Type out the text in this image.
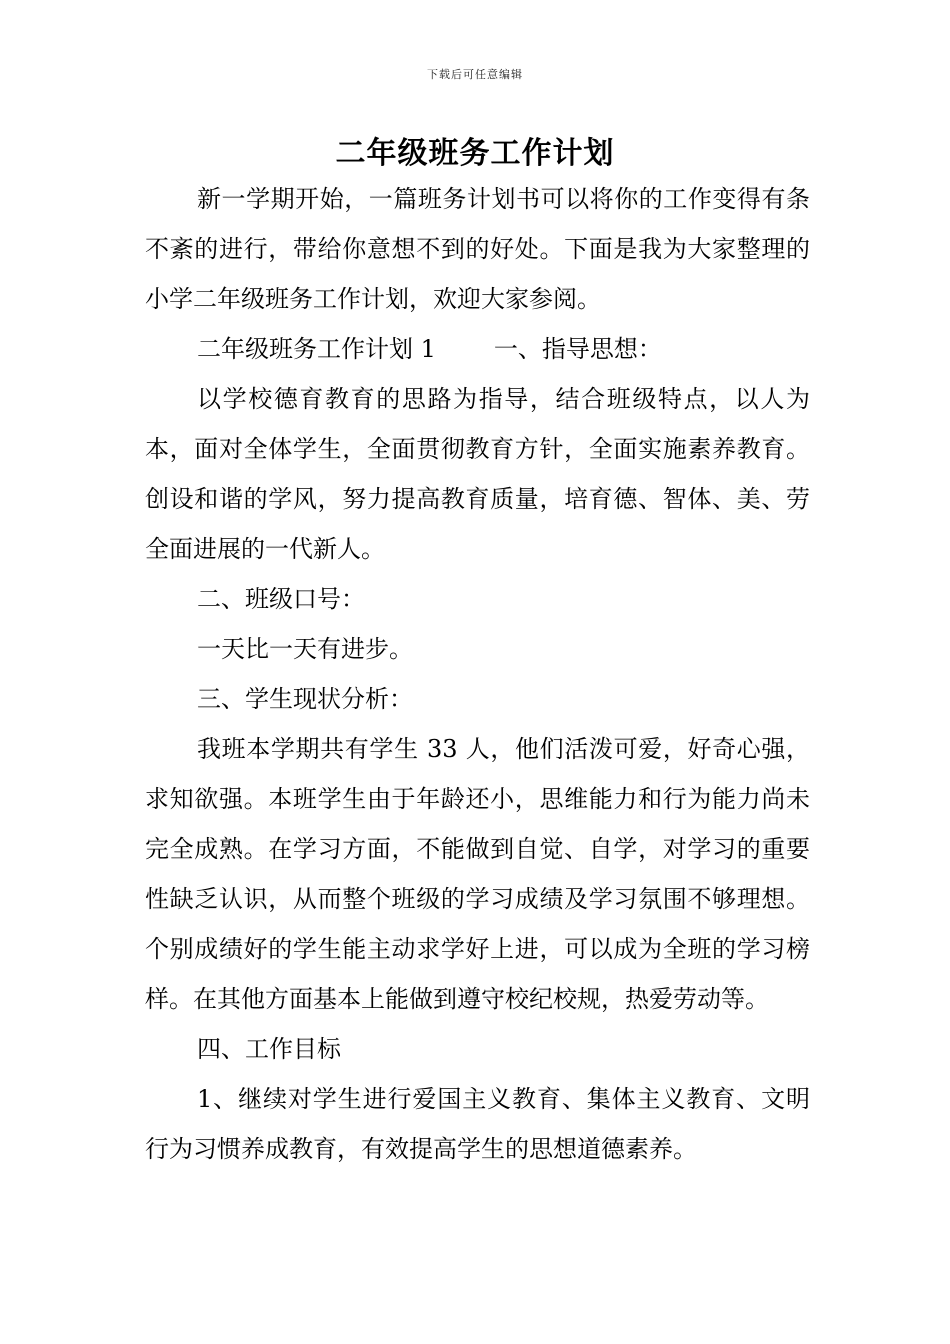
下载后可任意编辑
二年级班务工作计划

新一学期开始，一篇班务计划书可以将你的工作变得有条不紊的进行，带给你意想不到的好处。下面是我为大家整理的小学二年级班务工作计划，欢迎大家参阅。

二年级班务工作计划 1 一、指导思想：

以学校德育教育的思路为指导，结合班级特点，以人为本，面对全体学生，全面贯彻教育方针，全面实施素养教育。创设和谐的学风，努力提高教育质量，培育德、智体、美、劳全面进展的一代新人。

二、班级口号：

一天比一天有进步。

三、学生现状分析：

我班本学期共有学生 33 人，他们活泼可爱，好奇心强，求知欲强。本班学生由于年龄还小，思维能力和行为能力尚未完全成熟。在学习方面，不能做到自觉、自学，对学习的重要性缺乏认识，从而整个班级的学习成绩及学习氛围不够理想。个别成绩好的学生能主动求学好上进，可以成为全班的学习榜样。在其他方面基本上能做到遵守校纪校规，热爱劳动等。

四、工作目标

1、继续对学生进行爱国主义教育、集体主义教育、文明行为习惯养成教育，有效提高学生的思想道德素养。
